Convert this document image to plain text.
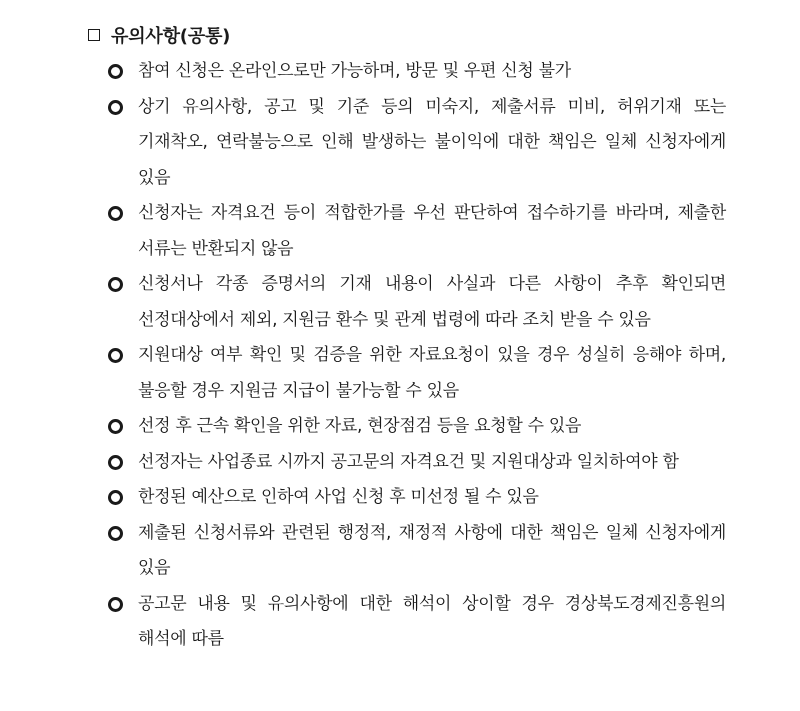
유의사항(공통)
참여 신청은 온라인으로만 가능하며, 방문 및 우편 신청 불가
상기 유의사항, 공고 및 기준 등의 미숙지, 제출서류 미비, 허위기재 또는 기재착오, 연락불능으로 인해 발생하는 불이익에 대한 책임은 일체 신청자에게 있음
신청자는 자격요건 등이 적합한가를 우선 판단하여 접수하기를 바라며, 제출한 서류는 반환되지 않음
신청서나 각종 증명서의 기재 내용이 사실과 다른 사항이 추후 확인되면 선정대상에서 제외, 지원금 환수 및 관계 법령에 따라 조치 받을 수 있음
지원대상 여부 확인 및 검증을 위한 자료요청이 있을 경우 성실히 응해야 하며, 불응할 경우 지원금 지급이 불가능할 수 있음
선정 후 근속 확인을 위한 자료, 현장점검 등을 요청할 수 있음
선정자는 사업종료 시까지 공고문의 자격요건 및 지원대상과 일치하여야 함
한정된 예산으로 인하여 사업 신청 후 미선정 될 수 있음
제출된 신청서류와 관련된 행정적, 재정적 사항에 대한 책임은 일체 신청자에게 있음
공고문 내용 및 유의사항에 대한 해석이 상이할 경우 경상북도경제진흥원의 해석에 따름
